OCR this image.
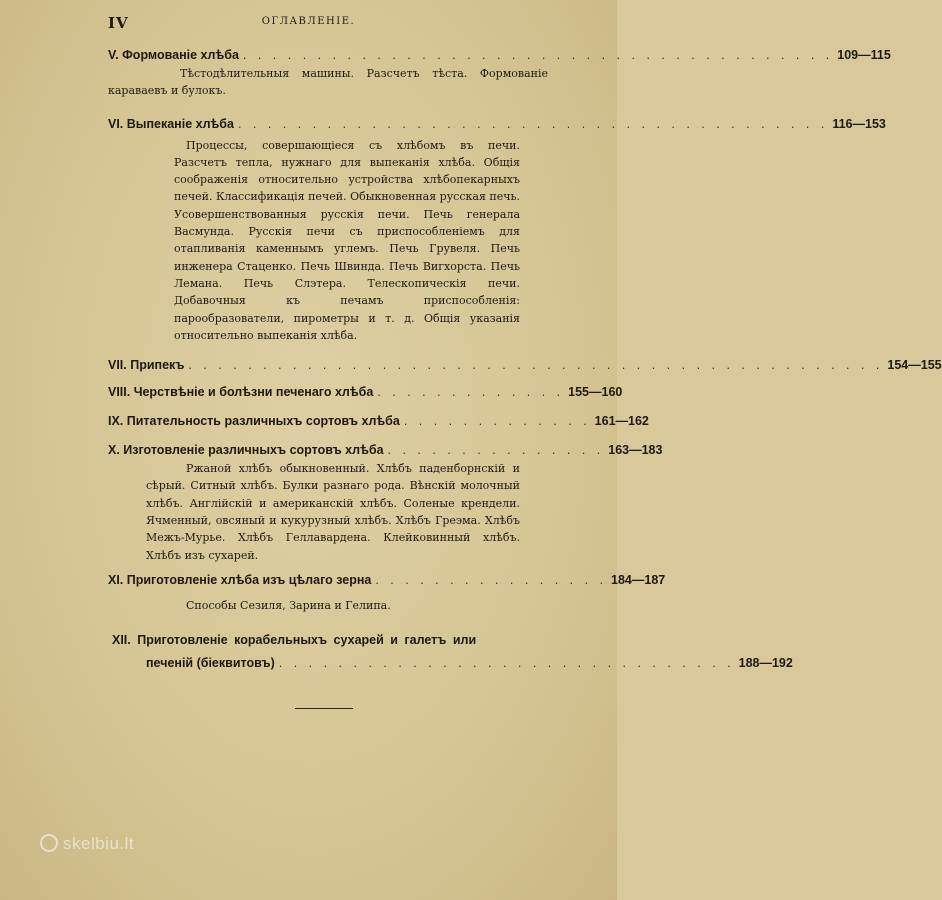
IV	ОГЛАВЛЕНІЕ.
V. Формованіе хлѣба . . . . . . . . . . . . . . . . . . . . . . . . . . . . . . . . . . . . . . . . 109—115
Тѣстодѣлительныя машины. Разсчетъ тѣста. Формованіе караваевъ и булокъ.
VI. Выпеканіе хлѣба . . . . . . . . . . . . . . . . . . . . . . . . . . . . . . . . . . . . . . . . 116—153
Процессы, совершающіеся съ хлѣбомъ въ печи. Разсчетъ тепла, нужнаго для выпеканія хлѣба. Общія соображенія относительно устройства хлѣбопекарныхъ печей. Классификація печей. Обыкновенная русская печь. Усовершенствованныя русскія печи. Печь генерала Васмунда. Русскія печи съ приспособленіемъ для отапливанія каменнымъ углемъ. Печь Грувеля. Печь инженера Стаценко. Печь Швинда. Печь Вигхорста. Печь Лемана. Печь Слэтера. Телескопическія печи. Добавочныя къ печамъ приспособленія: парообразователи, пирометры и т. д. Общія указанія относительно выпеканія хлѣба.
VII. Припекъ . . . . . . . . . . . . . . . . . . . . . . . . . . . . . . . . . . . . . . . . . . . . . . . 154—155
VIII. Черствѣніе и болѣзни печенаго хлѣба . . . . . . . . . . . . . 155—160
IX. Питательность различныхъ сортовъ хлѣба . . . . . . . . . . . . . 161—162
X. Изготовленіе различныхъ сортовъ хлѣба . . . . . . . . . . . . . . . 163—183
Ржаной хлѣбъ обыкновенный. Хлѣбъ паденборнскій и сѣрый. Ситный хлѣбъ. Булки разнаго рода. Вѣнскій молочный хлѣбъ. Англійскій и американскій хлѣбъ. Соленые крендели. Ячменный, овсяный и кукурузный хлѣбъ. Хлѣбъ Греэма. Хлѣбъ Межъ-Мурье. Хлѣбъ Геллавардена. Клейковинный хлѣбъ. Хлѣбъ изъ сухарей.
XI. Приготовленіе хлѣба изъ цѣлаго зерна . . . . . . . . . . . . . . . . 184—187
Способы Сезиля, Зарина и Гелипа.
XII. Приготовленіе корабельныхъ сухарей и галетъ или
печеній (біеквитовъ) . . . . . . . . . . . . . . . . . . . . . . . . . . . . . . . 188—192
skelbiu.lt
